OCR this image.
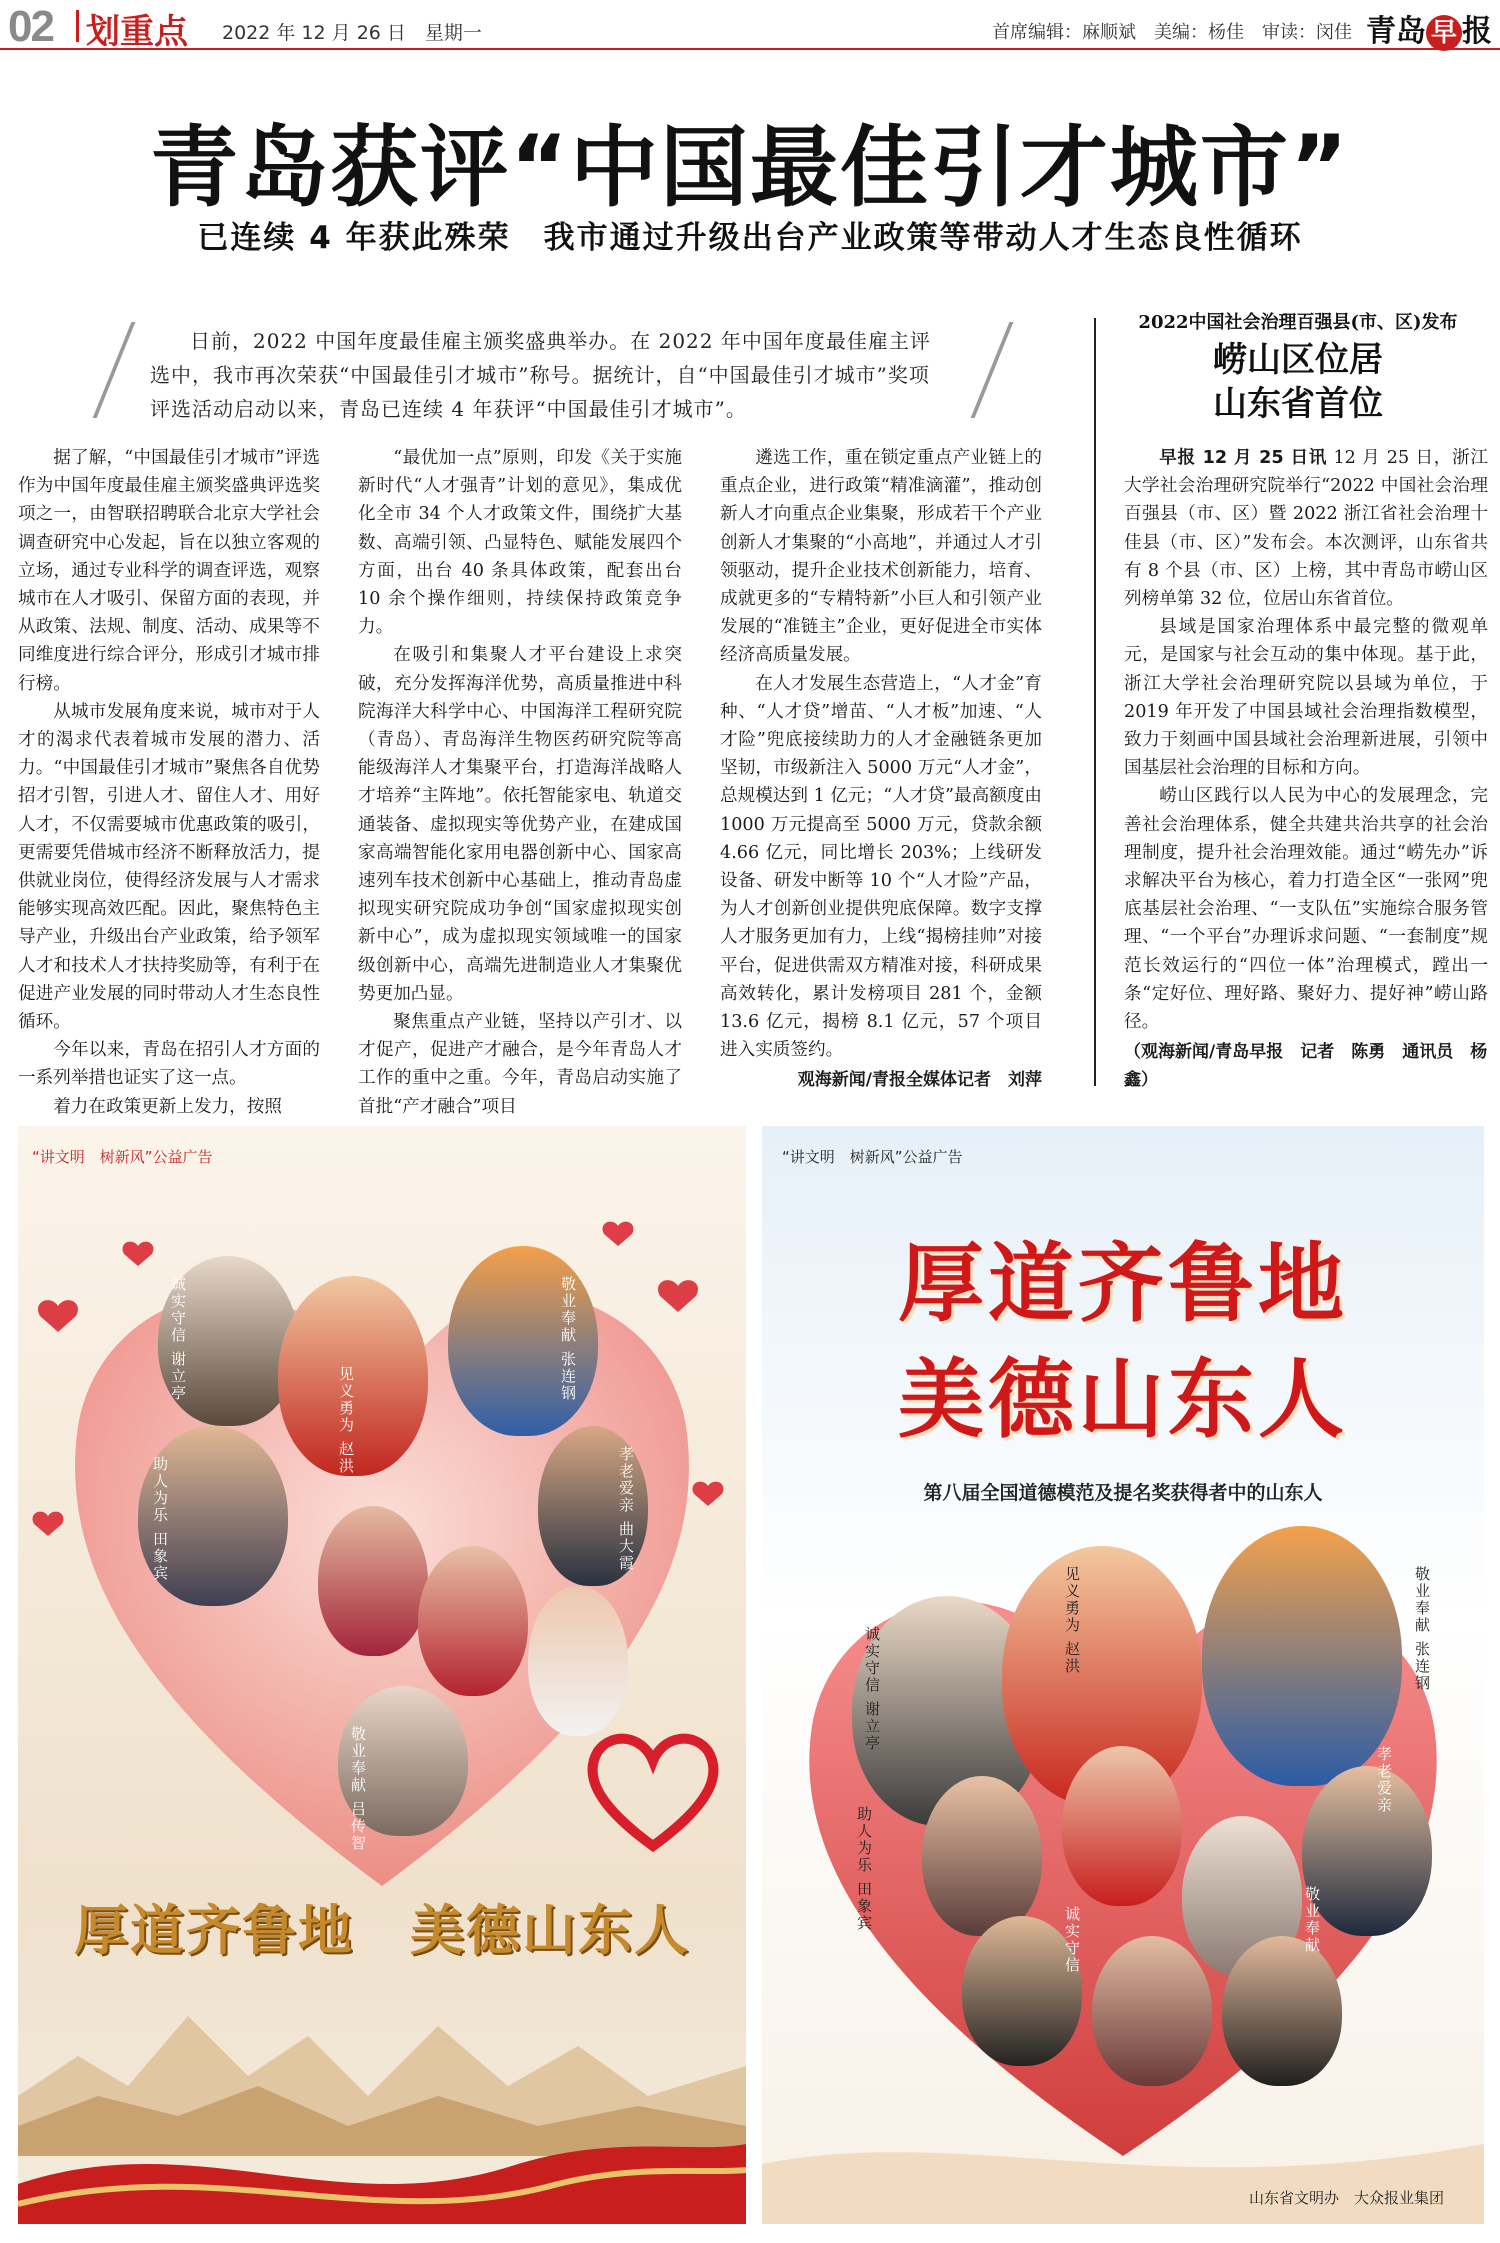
02 划重点 2022 年 12 月 26 日　星期一	首席编辑：麻顺斌　美编：杨佳　审读：闵佳 青岛 早 报
青岛获评“中国最佳引才城市”
已连续 4 年获此殊荣　我市通过升级出台产业政策等带动人才生态良性循环

日前，2022 中国年度最佳雇主颁奖盛典举办。在 2022 年中国年度最佳雇主评选中，我市再次荣获“中国最佳引才城市”称号。据统计，自“中国最佳引才城市”奖项评选活动启动以来，青岛已连续 4 年获评“中国最佳引才城市”。

据了解，“中国最佳引才城市”评选作为中国年度最佳雇主颁奖盛典评选奖项之一，由智联招聘联合北京大学社会调查研究中心发起，旨在以独立客观的立场，通过专业科学的调查评选，观察城市在人才吸引、保留方面的表现，并从政策、法规、制度、活动、成果等不同维度进行综合评分，形成引才城市排行榜。

从城市发展角度来说，城市对于人才的渴求代表着城市发展的潜力、活力。“中国最佳引才城市”聚焦各自优势招才引智，引进人才、留住人才、用好人才，不仅需要城市优惠政策的吸引，更需要凭借城市经济不断释放活力，提供就业岗位，使得经济发展与人才需求能够实现高效匹配。因此，聚焦特色主导产业，升级出台产业政策，给予领军人才和技术人才扶持奖励等，有利于在促进产业发展的同时带动人才生态良性循环。

今年以来，青岛在招引人才方面的一系列举措也证实了这一点。

着力在政策更新上发力，按照

“最优加一点”原则，印发《关于实施新时代“人才强青”计划的意见》，集成优化全市 34 个人才政策文件，围绕扩大基数、高端引领、凸显特色、赋能发展四个方面，出台 40 条具体政策，配套出台 10 余个操作细则，持续保持政策竞争力。

在吸引和集聚人才平台建设上求突破，充分发挥海洋优势，高质量推进中科院海洋大科学中心、中国海洋工程研究院（青岛）、青岛海洋生物医药研究院等高能级海洋人才集聚平台，打造海洋战略人才培养“主阵地”。依托智能家电、轨道交通装备、虚拟现实等优势产业，在建成国家高端智能化家用电器创新中心、国家高速列车技术创新中心基础上，推动青岛虚拟现实研究院成功争创“国家虚拟现实创新中心”，成为虚拟现实领域唯一的国家级创新中心，高端先进制造业人才集聚优势更加凸显。

聚焦重点产业链，坚持以产引才、以才促产，促进产才融合，是今年青岛人才工作的重中之重。今年，青岛启动实施了首批“产才融合”项目

遴选工作，重在锁定重点产业链上的重点企业，进行政策“精准滴灌”，推动创新人才向重点企业集聚，形成若干个产业创新人才集聚的“小高地”，并通过人才引领驱动，提升企业技术创新能力，培育、成就更多的“专精特新”小巨人和引领产业发展的“准链主”企业，更好促进全市实体经济高质量发展。

在人才发展生态营造上，“人才金”育种、“人才贷”增苗、“人才板”加速、“人才险”兜底接续助力的人才金融链条更加坚韧，市级新注入 5000 万元“人才金”，总规模达到 1 亿元；“人才贷”最高额度由 1000 万元提高至 5000 万元，贷款余额 4.66 亿元，同比增长 203%；上线研发设备、研发中断等 10 个“人才险”产品，为人才创新创业提供兜底保障。数字支撑人才服务更加有力，上线“揭榜挂帅”对接平台，促进供需双方精准对接，科研成果高效转化，累计发榜项目 281 个，金额 13.6 亿元，揭榜 8.1 亿元，57 个项目进入实质签约。

观海新闻/青报全媒体记者　刘萍

2022中国社会治理百强县(市、区)发布
崂山区位居
山东省首位

早报 12 月 25 日讯 12 月 25 日，浙江大学社会治理研究院举行“2022 中国社会治理百强县（市、区）暨 2022 浙江省社会治理十佳县（市、区）”发布会。本次测评，山东省共有 8 个县（市、区）上榜，其中青岛市崂山区列榜单第 32 位，位居山东省首位。

县域是国家治理体系中最完整的微观单元，是国家与社会互动的集中体现。基于此，浙江大学社会治理研究院以县域为单位，于 2019 年开发了中国县域社会治理指数模型，致力于刻画中国县域社会治理新进展，引领中国基层社会治理的目标和方向。

崂山区践行以人民为中心的发展理念，完善社会治理体系，健全共建共治共享的社会治理制度，提升社会治理效能。通过“崂先办”诉求解决平台为核心，着力打造全区“一张网”兜底基层社会治理、“一支队伍”实施综合服务管理、“一个平台”办理诉求问题、“一套制度”规范长效运行的“四位一体”治理模式，蹚出一条“定好位、理好路、聚好力、提好神”崂山路径。

（观海新闻/青岛早报　记者　陈勇　通讯员　杨鑫）

“讲文明　树新风”公益广告
诚实守信 谢立亭
见义勇为 赵洪
敬业奉献 张连钢
助人为乐 田象宾	孝老爱亲 曲大霞
敬业奉献 吕传智
厚道齐鲁地　美德山东人
山东省文明办　大众报业集团
“讲文明　树新风”公益广告
厚道齐鲁地
美德山东人
第八届全国道德模范及提名奖获得者中的山东人
诚实守信 谢立亭
见义勇为 赵洪	敬业奉献 张连钢
助人为乐 田象宾
孝老爱亲
敬业奉献
诚实守信
山东省文明办　大众报业集团
